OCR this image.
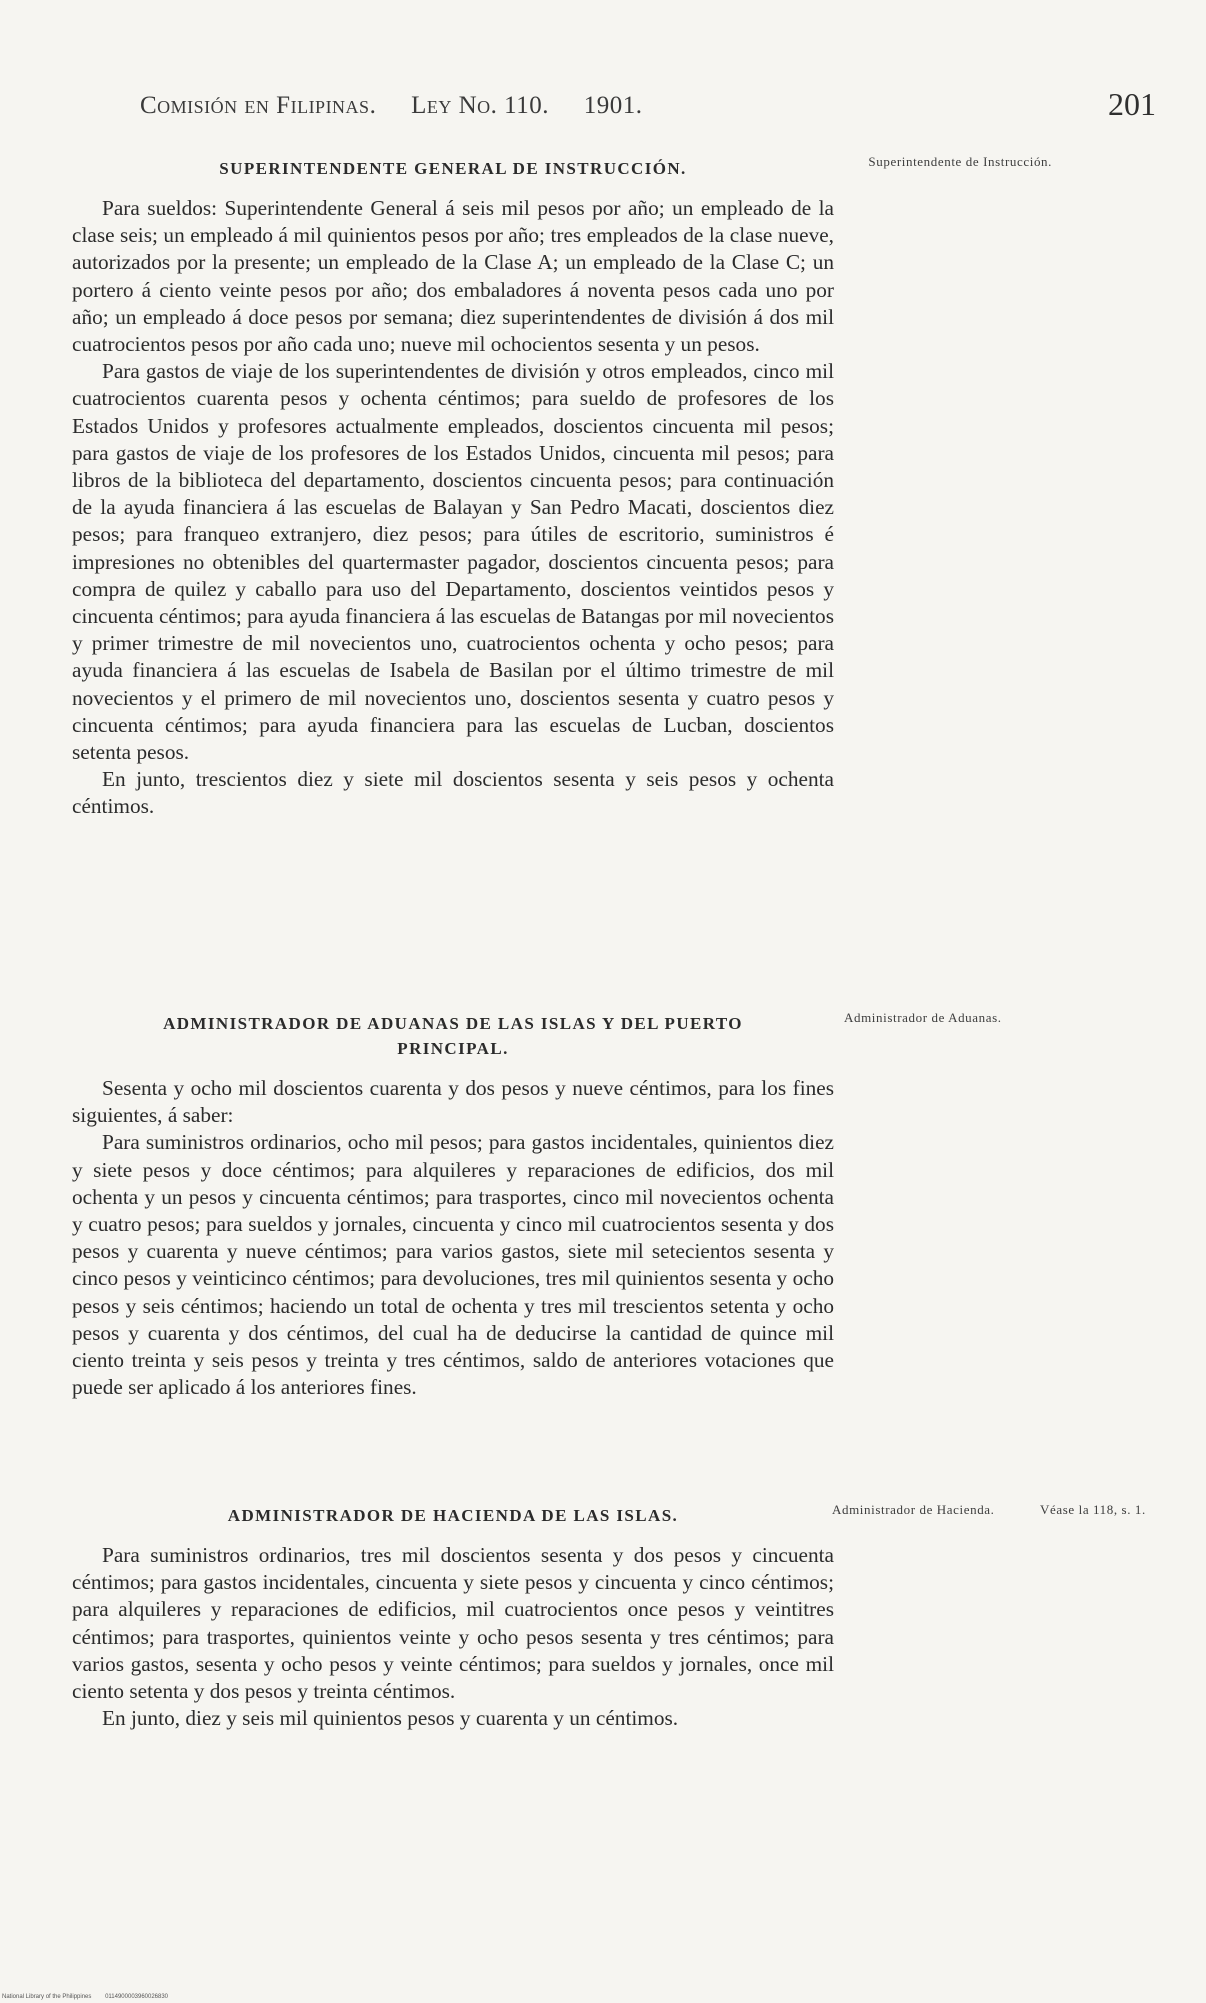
Comisión en Filipinas. Ley No. 110. 1901.	201
SUPERINTENDENTE GENERAL DE INSTRUCCIÓN.

Para sueldos: Superintendente General á seis mil pesos por año; un empleado de la clase seis; un empleado á mil quinientos pesos por año; tres empleados de la clase nueve, autorizados por la presente; un empleado de la Clase A; un empleado de la Clase C; un portero á ciento veinte pesos por año; dos embaladores á noventa pesos cada uno por año; un empleado á doce pesos por semana; diez superintendentes de división á dos mil cuatrocientos pesos por año cada uno; nueve mil ochocientos sesenta y un pesos.

Para gastos de viaje de los superintendentes de división y otros empleados, cinco mil cuatrocientos cuarenta pesos y ochenta céntimos; para sueldo de profesores de los Estados Unidos y profesores actualmente empleados, doscientos cincuenta mil pesos; para gastos de viaje de los profesores de los Estados Unidos, cincuenta mil pesos; para libros de la biblioteca del departamento, doscientos cincuenta pesos; para continuación de la ayuda financiera á las escuelas de Balayan y San Pedro Macati, doscientos diez pesos; para franqueo extranjero, diez pesos; para útiles de escritorio, suministros é impresiones no obtenibles del quartermaster pagador, doscientos cincuenta pesos; para compra de quilez y caballo para uso del Departamento, doscientos veintidos pesos y cincuenta céntimos; para ayuda financiera á las escuelas de Batangas por mil novecientos y primer trimestre de mil novecientos uno, cuatrocientos ochenta y ocho pesos; para ayuda financiera á las escuelas de Isabela de Basilan por el último trimestre de mil novecientos y el primero de mil novecientos uno, doscientos sesenta y cuatro pesos y cincuenta céntimos; para ayuda financiera para las escuelas de Lucban, doscientos setenta pesos.

En junto, trescientos diez y siete mil doscientos sesenta y seis pesos y ochenta céntimos.

Superintendente de Instrucción.
ADMINISTRADOR DE ADUANAS DE LAS ISLAS Y DEL PUERTO PRINCIPAL.

Sesenta y ocho mil doscientos cuarenta y dos pesos y nueve céntimos, para los fines siguientes, á saber:

Para suministros ordinarios, ocho mil pesos; para gastos incidentales, quinientos diez y siete pesos y doce céntimos; para alquileres y reparaciones de edificios, dos mil ochenta y un pesos y cincuenta céntimos; para trasportes, cinco mil novecientos ochenta y cuatro pesos; para sueldos y jornales, cincuenta y cinco mil cuatrocientos sesenta y dos pesos y cuarenta y nueve céntimos; para varios gastos, siete mil setecientos sesenta y cinco pesos y veinticinco céntimos; para devoluciones, tres mil quinientos sesenta y ocho pesos y seis céntimos; haciendo un total de ochenta y tres mil trescientos setenta y ocho pesos y cuarenta y dos céntimos, del cual ha de deducirse la cantidad de quince mil ciento treinta y seis pesos y treinta y tres céntimos, saldo de anteriores votaciones que puede ser aplicado á los anteriores fines.

Administrador de Aduanas.
ADMINISTRADOR DE HACIENDA DE LAS ISLAS.

Para suministros ordinarios, tres mil doscientos sesenta y dos pesos y cincuenta céntimos; para gastos incidentales, cincuenta y siete pesos y cincuenta y cinco céntimos; para alquileres y reparaciones de edificios, mil cuatrocientos once pesos y veintitres céntimos; para trasportes, quinientos veinte y ocho pesos sesenta y tres céntimos; para varios gastos, sesenta y ocho pesos y veinte céntimos; para sueldos y jornales, once mil ciento setenta y dos pesos y treinta céntimos.

En junto, diez y seis mil quinientos pesos y cuarenta y un céntimos.

Administrador de Hacienda.	Véase la 118, s. 1.
National Library of the Philippines 0114900003960026830
